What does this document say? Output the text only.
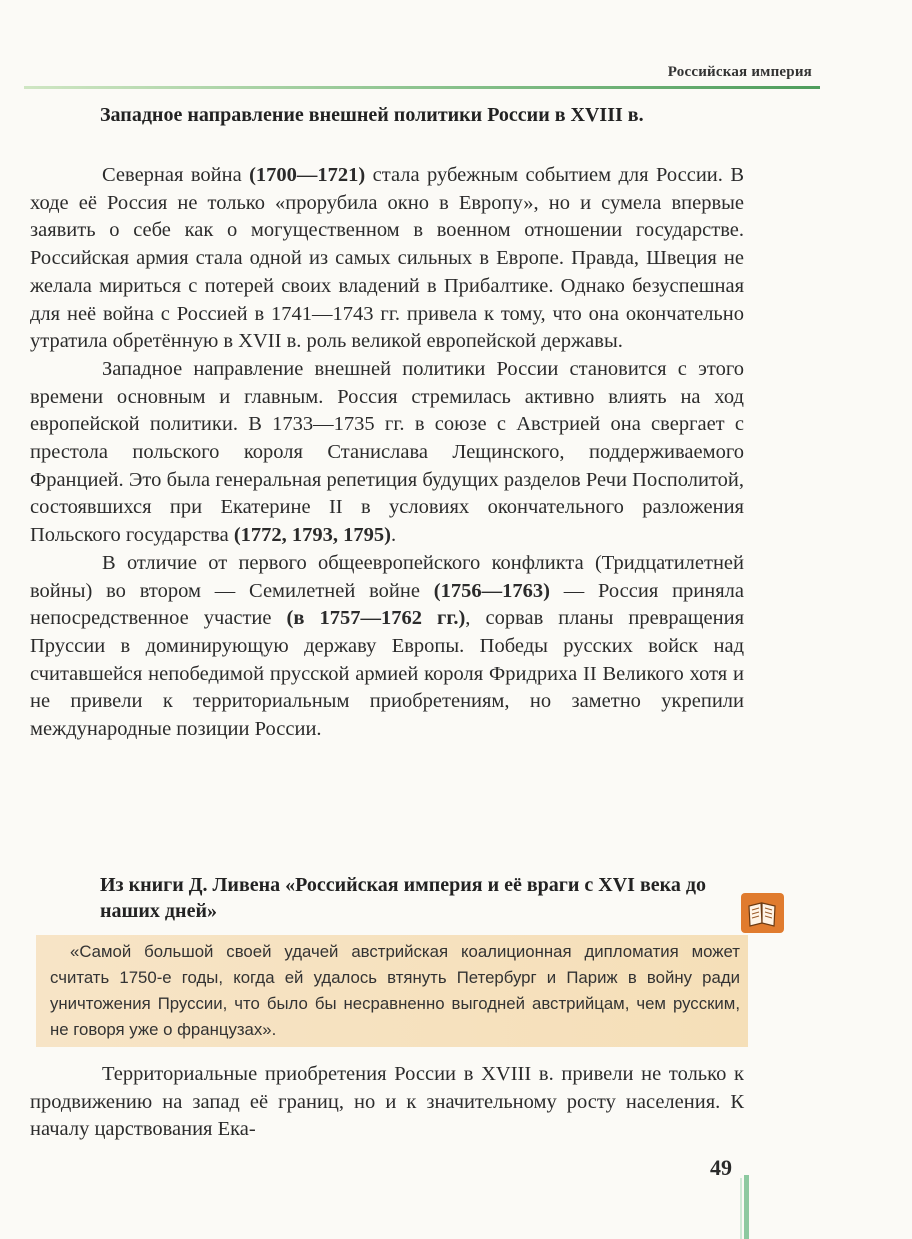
Российская империя
Западное направление внешней политики России в XVIII в.

Северная война (1700—1721) стала рубежным событием для России. В ходе её Россия не только «прорубила окно в Европу», но и сумела впервые заявить о себе как о могущественном в военном отношении государстве. Российская армия стала одной из самых сильных в Европе. Правда, Швеция не желала мириться с потерей своих владений в Прибалтике. Однако безуспешная для неё война с Россией в 1741—1743 гг. привела к тому, что она окончательно утратила обретённую в XVII в. роль великой европейской державы.

Западное направление внешней политики России становится с этого времени основным и главным. Россия стремилась активно влиять на ход европейской политики. В 1733—1735 гг. в союзе с Австрией она свергает с престола польского короля Станислава Лещинского, поддерживаемого Францией. Это была генеральная репетиция будущих разделов Речи Посполитой, состоявшихся при Екатерине II в условиях окончательного разложения Польского государства (1772, 1793, 1795).

В отличие от первого общеевропейского конфликта (Тридцатилетней войны) во втором — Семилетней войне (1756—1763) — Россия приняла непосредственное участие (в 1757—1762 гг.), сорвав планы превращения Пруссии в доминирующую державу Европы. Победы русских войск над считавшейся непобедимой прусской армией короля Фридриха II Великого хотя и не привели к территориальным приобретениям, но заметно укрепили международные позиции России.

Из книги Д. Ливена «Российская империя и её враги с XVI века до наших дней»
«Самой большой своей удачей австрийская коалиционная дипломатия может считать 1750-е годы, когда ей удалось втянуть Петербург и Париж в войну ради уничтожения Пруссии, что было бы несравненно выгодней австрийцам, чем русским, не говоря уже о французах».

Территориальные приобретения России в XVIII в. привели не только к продвижению на запад её границ, но и к значительному росту населения. К началу царствования Ека-

49
